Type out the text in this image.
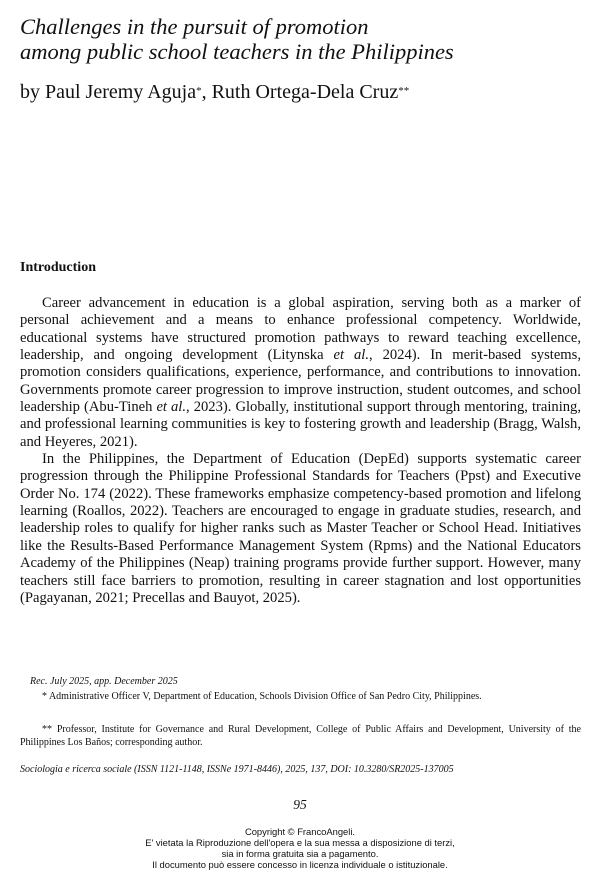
Challenges in the pursuit of promotion
among public school teachers in the Philippines

by Paul Jeremy Aguja*, Ruth Ortega-Dela Cruz**

Introduction

Career advancement in education is a global aspiration, serving both as a marker of personal achievement and a means to enhance professional competency. Worldwide, educational systems have structured promotion pathways to reward teaching excellence, leadership, and ongoing development (Litynska et al., 2024). In merit-based systems, promotion considers qualifications, experience, performance, and contributions to innovation. Governments promote career progression to improve instruction, student outcomes, and school leadership (Abu-Tineh et al., 2023). Globally, institutional support through mentoring, training, and professional learning communities is key to fostering growth and leadership (Bragg, Walsh, and Heyeres, 2021).

In the Philippines, the Department of Education (DepEd) supports systematic career progression through the Philippine Professional Standards for Teachers (Ppst) and Executive Order No. 174 (2022). These frameworks emphasize competency-based promotion and lifelong learning (Roallos, 2022). Teachers are encouraged to engage in graduate studies, research, and leadership roles to qualify for higher ranks such as Master Teacher or School Head. Initiatives like the Results-Based Performance Management System (Rpms) and the National Educators Academy of the Philippines (Neap) training programs provide further support. However, many teachers still face barriers to promotion, resulting in career stagnation and lost opportunities (Pagayanan, 2021; Precellas and Bauyot, 2025).

Rec. July 2025, app. December 2025
* Administrative Officer V, Department of Education, Schools Division Office of San Pedro City, Philippines.
** Professor, Institute for Governance and Rural Development, College of Public Affairs and Development, University of the Philippines Los Baños; corresponding author.
Sociologia e ricerca sociale (ISSN 1121-1148, ISSNe 1971-8446), 2025, 137, DOI: 10.3280/SR2025-137005
95
Copyright © FrancoAngeli.
E' vietata la Riproduzione dell'opera e la sua messa a disposizione di terzi,
sia in forma gratuita sia a pagamento.
Il documento può essere concesso in licenza individuale o istituzionale.
